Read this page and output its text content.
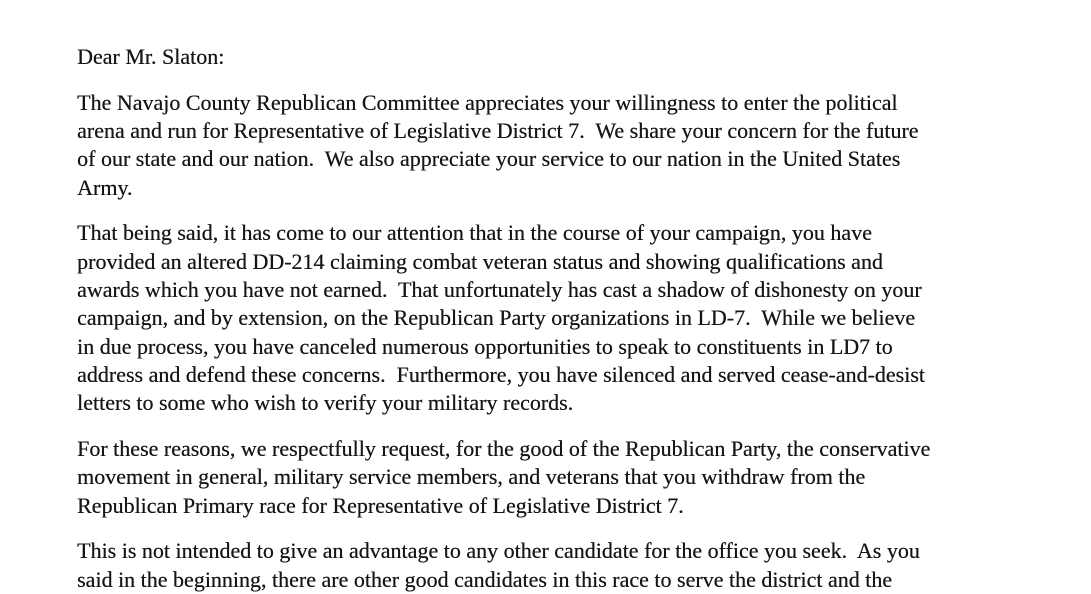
Dear Mr. Slaton:
The Navajo County Republican Committee appreciates your willingness to enter the political
arena and run for Representative of Legislative District 7.  We share your concern for the future
of our state and our nation.  We also appreciate your service to our nation in the United States
Army.
That being said, it has come to our attention that in the course of your campaign, you have
provided an altered DD-214 claiming combat veteran status and showing qualifications and
awards which you have not earned.  That unfortunately has cast a shadow of dishonesty on your
campaign, and by extension, on the Republican Party organizations in LD-7.  While we believe
in due process, you have canceled numerous opportunities to speak to constituents in LD7 to
address and defend these concerns.  Furthermore, you have silenced and served cease-and-desist
letters to some who wish to verify your military records.
For these reasons, we respectfully request, for the good of the Republican Party, the conservative
movement in general, military service members, and veterans that you withdraw from the
Republican Primary race for Representative of Legislative District 7.
This is not intended to give an advantage to any other candidate for the office you seek.  As you
said in the beginning, there are other good candidates in this race to serve the district and the
